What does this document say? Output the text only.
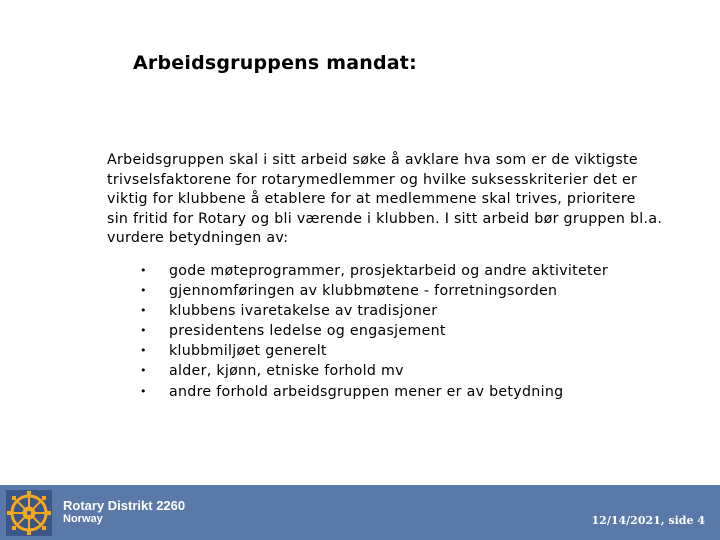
Arbeidsgruppens mandat:
Arbeidsgruppen skal i sitt arbeid søke å avklare hva som er de viktigste
trivselsfaktorene for rotarymedlemmer og hvilke suksesskriterier det er
viktig for klubbene å etablere for at medlemmene skal trives, prioritere
sin fritid for Rotary og bli værende i klubben. I sitt arbeid bør gruppen bl.a.
vurdere betydningen av:
•	gode møteprogrammer, prosjektarbeid og andre aktiviteter
•	gjennomføringen av klubbmøtene - forretningsorden
•	klubbens ivaretakelse av tradisjoner
•	presidentens ledelse og engasjement
•	klubbmiljøet generelt
•	alder, kjønn, etniske forhold mv
•	andre forhold arbeidsgruppen mener er av betydning
Rotary Distrikt 2260
Norway	12/14/2021, side 4
